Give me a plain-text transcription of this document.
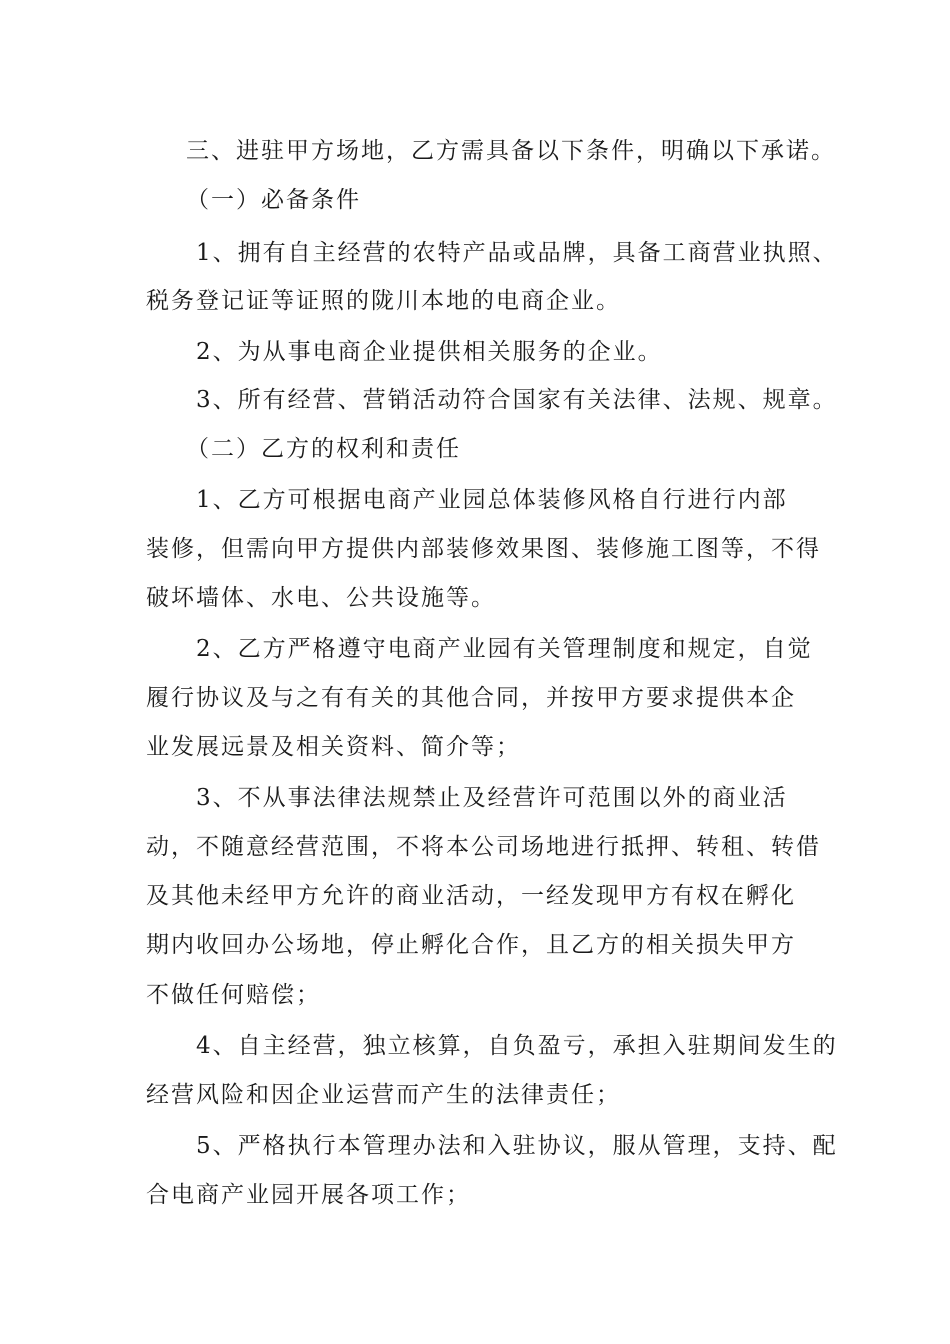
三、进驻甲方场地，乙方需具备以下条件，明确以下承诺。
（一）必备条件
1、拥有自主经营的农特产品或品牌，具备工商营业执照、
税务登记证等证照的陇川本地的电商企业。
2、为从事电商企业提供相关服务的企业。
3、所有经营、营销活动符合国家有关法律、法规、规章。
（二）乙方的权利和责任
1、乙方可根据电商产业园总体装修风格自行进行内部
装修，但需向甲方提供内部装修效果图、装修施工图等，不得
破坏墙体、水电、公共设施等。
2、乙方严格遵守电商产业园有关管理制度和规定，自觉
履行协议及与之有有关的其他合同，并按甲方要求提供本企
业发展远景及相关资料、简介等；
3、不从事法律法规禁止及经营许可范围以外的商业活
动，不随意经营范围，不将本公司场地进行抵押、转租、转借
及其他未经甲方允许的商业活动，一经发现甲方有权在孵化
期内收回办公场地，停止孵化合作，且乙方的相关损失甲方
不做任何赔偿；
4、自主经营，独立核算，自负盈亏，承担入驻期间发生的
经营风险和因企业运营而产生的法律责任；
5、严格执行本管理办法和入驻协议，服从管理，支持、配
合电商产业园开展各项工作；
